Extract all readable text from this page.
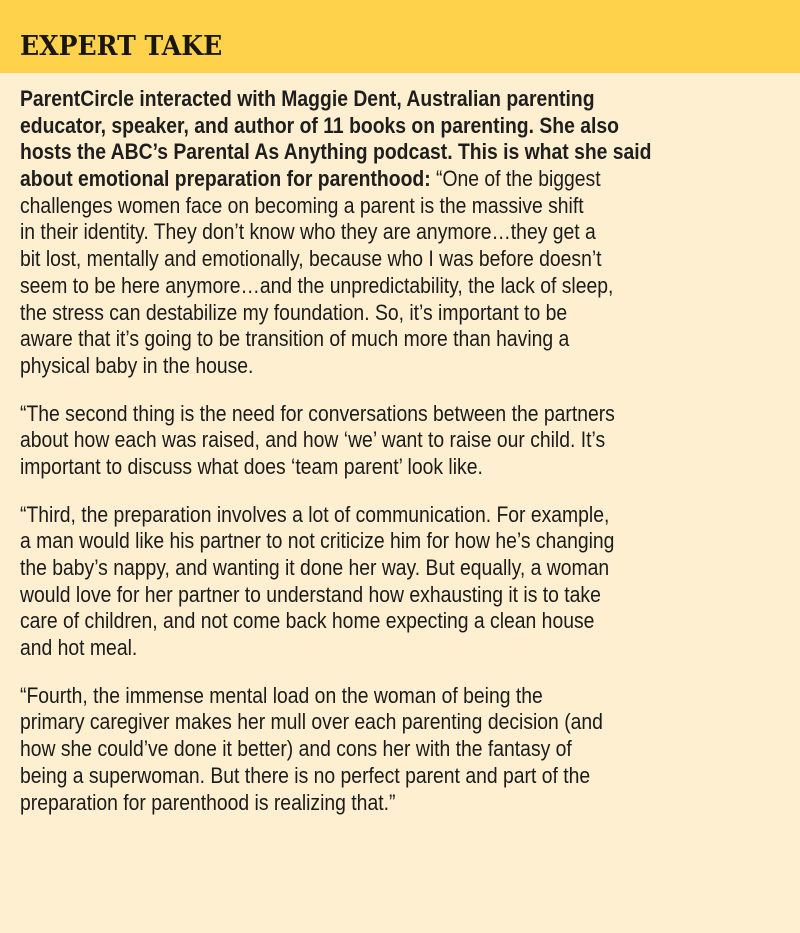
EXPERT TAKE
ParentCircle interacted with Maggie Dent, Australian parenting
educator, speaker, and author of 11 books on parenting. She also
hosts the ABC’s Parental As Anything podcast. This is what she said
about emotional preparation for parenthood: “One of the biggest
challenges women face on becoming a parent is the massive shift
in their identity. They don’t know who they are anymore…they get a
bit lost, mentally and emotionally, because who I was before doesn’t
seem to be here anymore…and the unpredictability, the lack of sleep,
the stress can destabilize my foundation. So, it’s important to be
aware that it’s going to be transition of much more than having a
physical baby in the house.
“The second thing is the need for conversations between the partners
about how each was raised, and how ‘we’ want to raise our child. It’s
important to discuss what does ‘team parent’ look like.
“Third, the preparation involves a lot of communication. For example,
a man would like his partner to not criticize him for how he’s changing
the baby’s nappy, and wanting it done her way. But equally, a woman
would love for her partner to understand how exhausting it is to take
care of children, and not come back home expecting a clean house
and hot meal.
“Fourth, the immense mental load on the woman of being the
primary caregiver makes her mull over each parenting decision (and
how she could’ve done it better) and cons her with the fantasy of
being a superwoman. But there is no perfect parent and part of the
preparation for parenthood is realizing that.”
